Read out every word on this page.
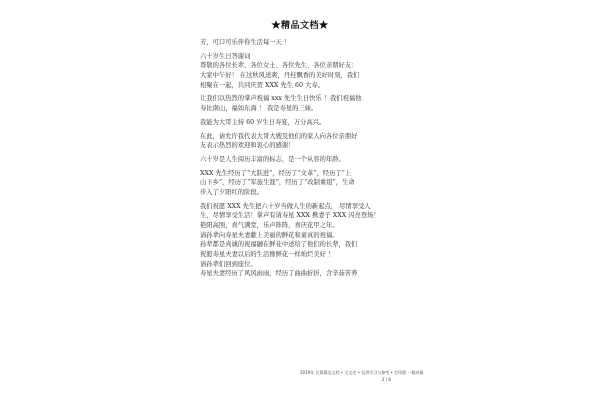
★精品文档★
芳，可口可乐伴你生活每一天 ！
六十岁生日答谢词
尊敬的各位长辈、各位女士、各位先生、各位亲朋好友：
大家中午好！ 在这秋风送爽，丹桂飘香的美好时刻，我们
相聚在一起，共同庆贺 XXX 先生 60 大寿。
让我们以热烈的掌声祝福 xxx 先生生日快乐 ！我们祝福他
寿比南山，福如东海 ！ 我是寿星的三妹。
我能为大哥主持 60 岁生日寿宴，万分高兴。
在此，请允许我代表大哥大嫂及他们的家人向各位亲朋好
友表示热烈的欢迎和衷心的感谢！
六十岁是人生阅历丰富的标志，是一个从容的年龄。
XXX 先生经历了“大跃进”，经历了“文革”，经历了“上
山下乡”，经历了“军旅生涯”，经历了“改制重组”，生命
步入了夕阳红的阶段。
我们祝愿 XXX 先生把六十岁当做人生的新起点， 尽情享受人
生，尽情享受生活！掌声有请寿星 XXX 携妻子 XXX 闪亮登场！
艳阳高照，喜气满堂，乐声阵阵，喜庆花甲之年。
请孙辈向寿星夫妻献上美丽的鲜花和童真的祝福。
孙辈都是真诚的祝福融在鲜花中送给了他们的长辈，我们
祝愿寿星夫妻以后的生活像鲜花一样灿烂美好 ！
请孙辈们回到座位。
寿星夫妻经历了风风雨雨，经历了曲曲折折，含辛茹苦养
2019年 长篇精品文档 • 全文完 • 仅供学习与参考 • 打印版 一稿成稿
2 / 8
